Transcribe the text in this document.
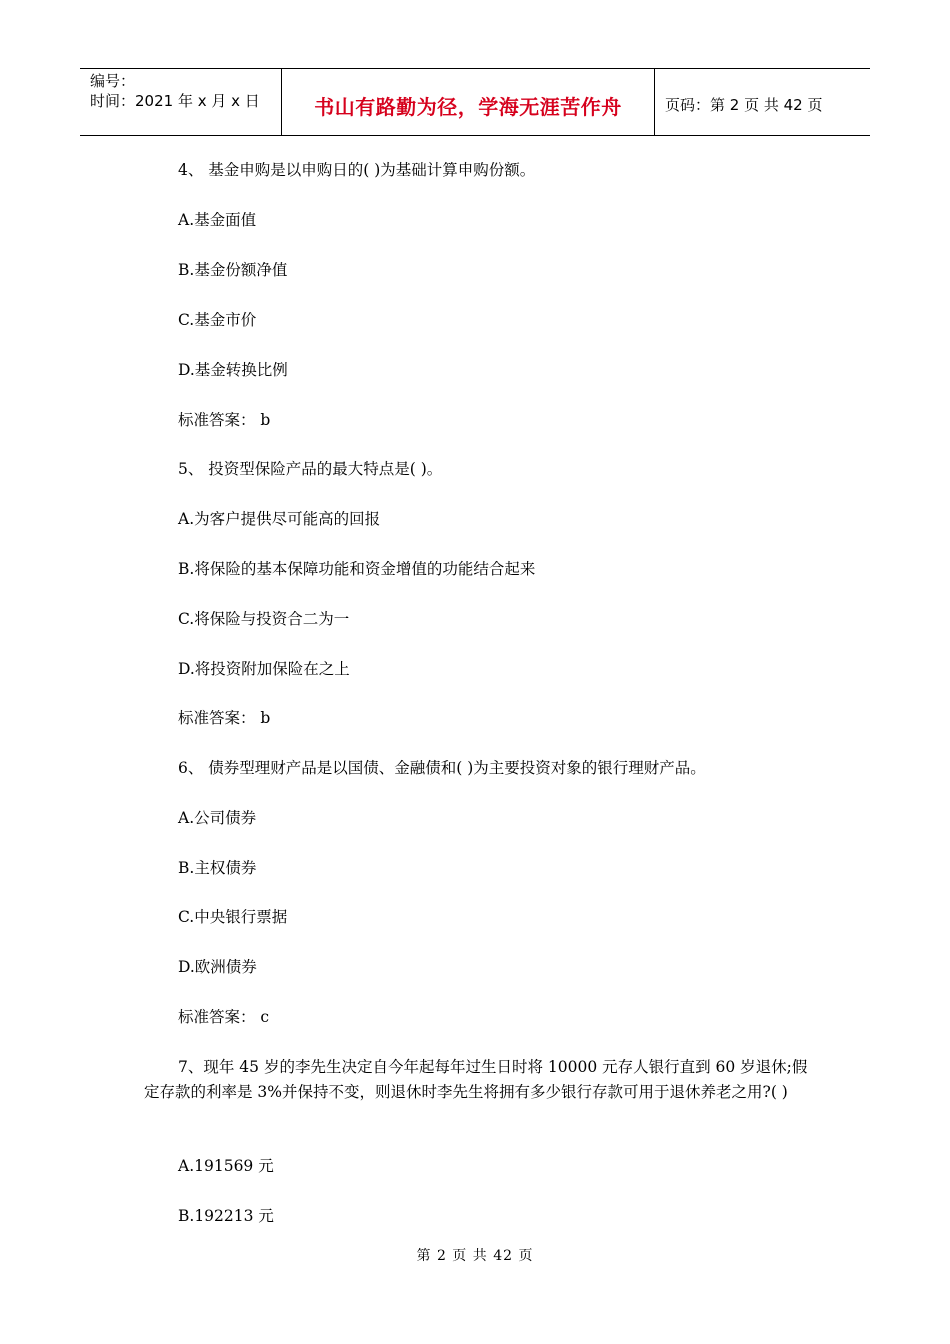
编号：
时间：2021 年 x 月 x 日	书山有路勤为径，学海无涯苦作舟	页码：第 2 页 共 42 页
4、 基金申购是以申购日的( )为基础计算申购份额。
A.基金面值
B.基金份额净值
C.基金市价
D.基金转换比例
标准答案： b
5、 投资型保险产品的最大特点是( )。
A.为客户提供尽可能高的回报
B.将保险的基本保障功能和资金增值的功能结合起来
C.将保险与投资合二为一
D.将投资附加保险在之上
标准答案： b
6、 债券型理财产品是以国债、金融债和( )为主要投资对象的银行理财产品。
A.公司债券
B.主权债券
C.中央银行票据
D.欧洲债券
标准答案： c
7、现年 45 岁的李先生决定自今年起每年过生日时将 10000 元存人银行直到 60 岁退休;假定存款的利率是 3%并保持不变，则退休时李先生将拥有多少银行存款可用于退休养老之用?( )
A.191569 元
B.192213 元
第 2 页 共 42 页
